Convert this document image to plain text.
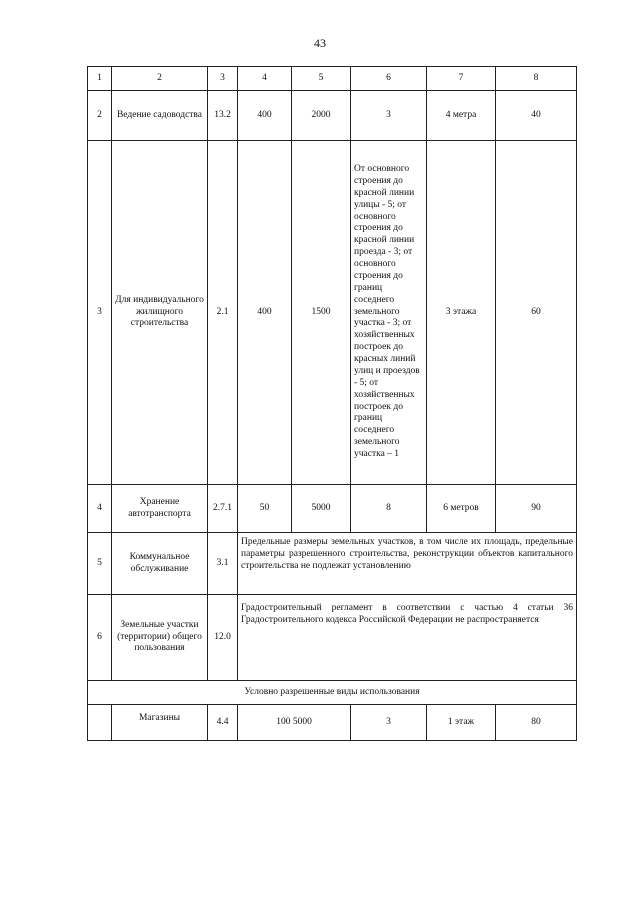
43
1	2	3	4	5	6	7	8
2	Ведение садоводства	13.2	400	2000	3	4 метра	40
3	Для индивидуального жилищного строительства	2.1	400	1500	От основного строения до красной линии улицы - 5; от основного строения до красной линии проезда - 3; от основного строения до границ соседнего земельного участка - 3; от хозяйственных построек до красных линий улиц и проездов - 5; от хозяйственных построек до границ соседнего земельного участка – 1	3 этажа	60
4	Хранение автотранспорта	2.7.1	50	5000	8	6 метров	90
5	Коммунальное обслуживание	3.1	Предельные размеры земельных участков, в том числе их площадь, предельные параметры разрешенного строительства, реконструкции объектов капитального строительства не подлежат установлению				
6	Земельные участки (территории) общего пользования	12.0	Градостроительный регламент в соответствии с частью 4 статьи 36 Градостроительного кодекса Российской Федерации не распространяется				
Условно разрешенные виды использования							
	Магазины	4.4	100 5000		3	1 этаж	80
